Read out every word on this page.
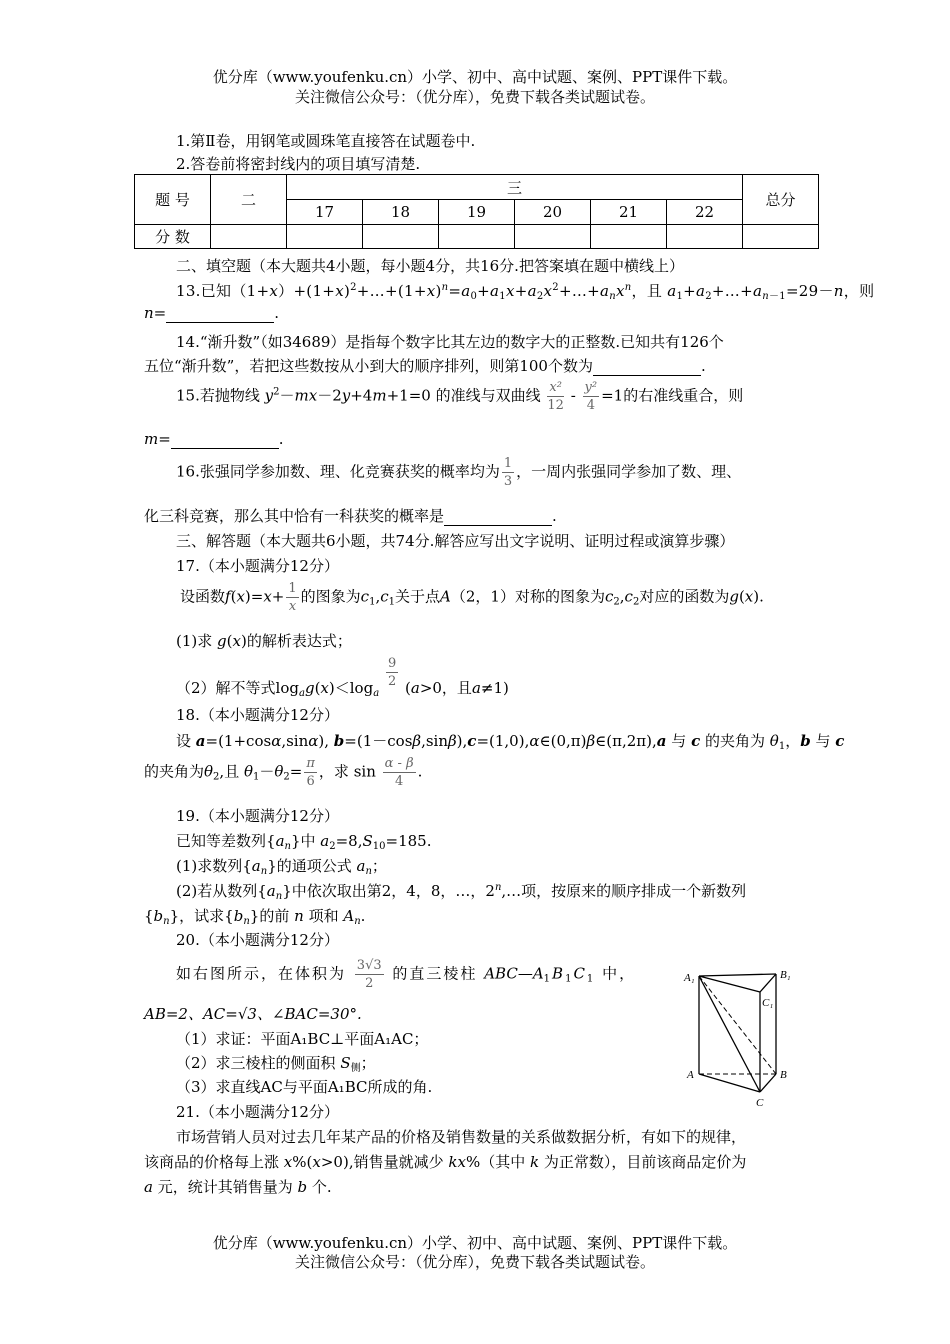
优分库（www.youfenku.cn）小学、初中、高中试题、案例、PPT课件下载。
关注微信公众号：（优分库），免费下载各类试题试卷。
1.第Ⅱ卷，用钢笔或圆珠笔直接答在试题卷中.
2.答卷前将密封线内的项目填写清楚.
题 号	二	三						总分
		17	18	19	20	21	22	
分 数								
二、填空题（本大题共4小题，每小题4分，共16分.把答案填在题中横线上）
13.已知$(1+x)+(1+x)^2+\dots+(1+x)^n=a_0+a_1x+a_2x^2+\dots+a_nx^n$，且 $a_1+a_2+\dots+a_{n-1}=29-n$，则
n=	.
14.“渐升数”（如34689）是指每个数字比其左边的数字大的正整数.已知共有126个
五位“渐升数”，若把这些数按从小到大的顺序排列，则第100个数为	.
15.若抛物线 $y^2-mx-2y+4m+1=0$ 的准线与双曲线 $\frac{\text{x²}}{12} - \frac{\text{y²}}{4} =1$的右准线重合，则
m=	.
16.张强同学参加数、理、化竞赛获奖的概率均为 $\frac{1}{3}$ ，一周内张强同学参加了数、理、
化三科竞赛，那么其中恰有一科获奖的概率是	.
三、解答题（本大题共6小题，共74分.解答应写出文字说明、证明过程或演算步骤）
17.（本小题满分12分）
设函数$f(x)=x+ \frac{1}{x}$ 的图象为$c_1,c_1$关于点A（2，1）对称的图象为$c_2,c_2$对应的函数为g(x).
(1)求 g(x)的解析表达式；
（2）解不等式$\log_ag(x)<\log_a$
$\frac{9}{2} (a>0$，且a≠1)
18.（本小题满分12分）
设 a=(1+cosα,sinα), b=(1－cosβ,sinβ),c=(1,0),α∈(0,π)β∈(π,2π),a 与 c 的夹角为 $\theta_1$，b 与 c
的夹角为$\theta_2$,且 $\theta_1-\theta_2= \frac{\pi}{6}$ ，求 $\sin \frac{\alpha - \beta}{4}$ .
19.（本小题满分12分）
已知等差数列$\{a_n\}$中 $a_2=8,S_{10}=185$.
(1)求数列$\{a_n\}$的通项公式 $a_n$；
(2)若从数列$\{a_n\}$中依次取出第2，4，8，…，2$^n$,…项，按原来的顺序排成一个新数列
$\{b_n\}$，试求$\{b_n\}$的前 n 项和 $A_n$.
20.（本小题满分12分）
如右图所示，在体积为 $\frac{3√3}{2}$ 的直三棱柱 $ABC—A_1B_1C_1$ 中，
AB=2、AC=√3、∠BAC=30°.
（1）求证：平面A₁BC⊥平面A₁AC；
（2）求三棱柱的侧面积 $S_侧$；
（3）求直线AC与平面A₁BC所成的角.
A₁	B₁
C₁
A	B
C
21.（本小题满分12分）
市场营销人员对过去几年某产品的价格及销售数量的关系做数据分析，有如下的规律，
该商品的价格每上涨 x%(x>0),销售量就减少 kx%（其中 k 为正常数），目前该商品定价为
a 元，统计其销售量为 b 个.
优分库（www.youfenku.cn）小学、初中、高中试题、案例、PPT课件下载。
关注微信公众号：（优分库），免费下载各类试题试卷。
